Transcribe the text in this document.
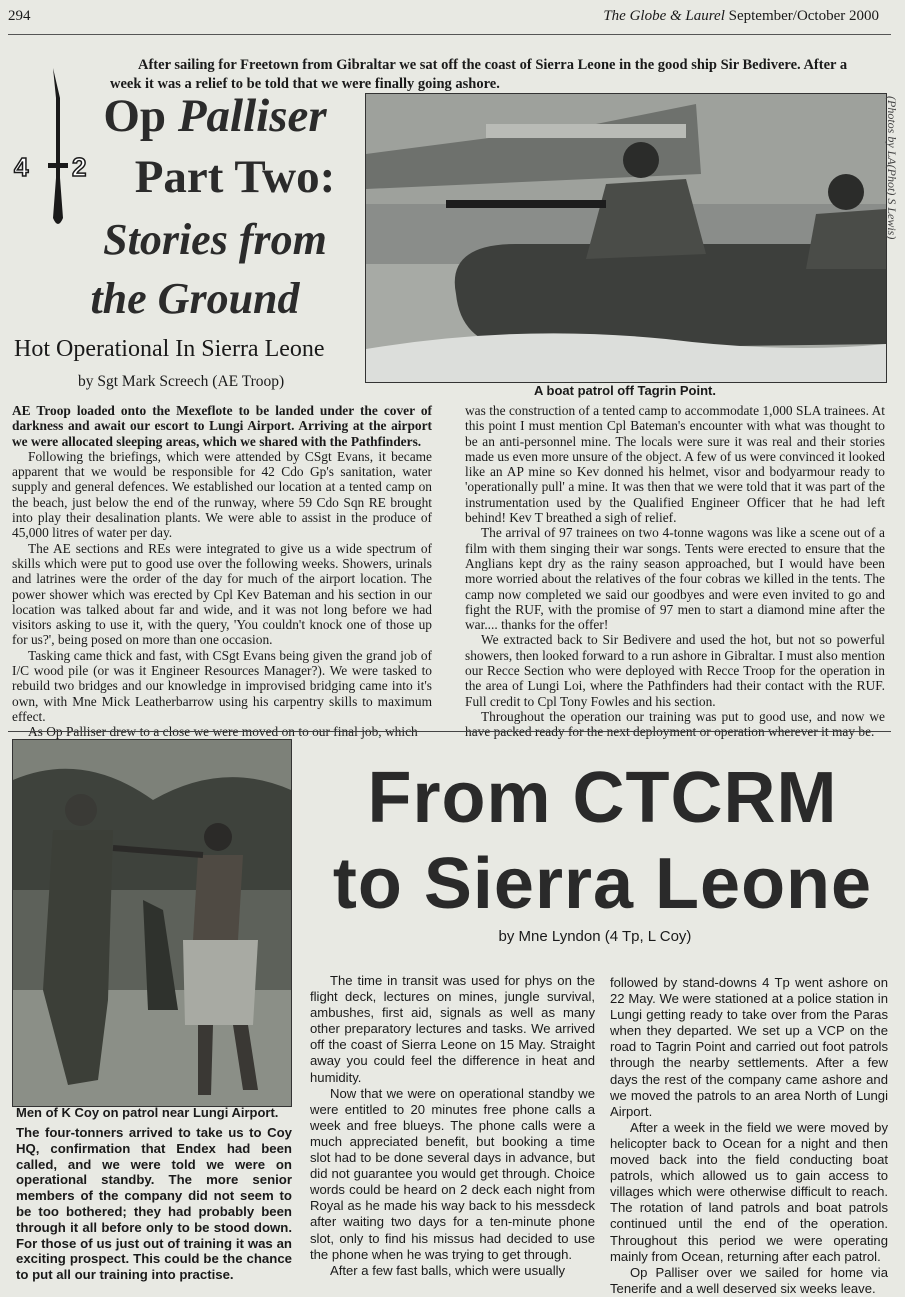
294	The Globe & Laurel September/October 2000
After sailing for Freetown from Gibraltar we sat off the coast of Sierra Leone in the good ship Sir Bedivere. After a week it was a relief to be told that we were finally going ashore.
4 2
Op Palliser
Part Two:
Stories from
the Ground
Hot Operational In Sierra Leone
by Sgt Mark Screech (AE Troop)
(Photos by LA(Phot) S Lewis)
A boat patrol off Tagrin Point.

AE Troop loaded onto the Mexeflote to be landed under the cover of darkness and await our escort to Lungi Airport. Arriving at the airport we were allocated sleeping areas, which we shared with the Pathfinders.

Following the briefings, which were attended by CSgt Evans, it became apparent that we would be responsible for 42 Cdo Gp's sanitation, water supply and general defences. We established our location at a tented camp on the beach, just below the end of the runway, where 59 Cdo Sqn RE brought into play their desalination plants. We were able to assist in the produce of 45,000 litres of water per day.

The AE sections and REs were integrated to give us a wide spectrum of skills which were put to good use over the following weeks. Showers, urinals and latrines were the order of the day for much of the airport location. The power shower which was erected by Cpl Kev Bateman and his section in our location was talked about far and wide, and it was not long before we had visitors asking to use it, with the query, 'You couldn't knock one of those up for us?', being posed on more than one occasion.

Tasking came thick and fast, with CSgt Evans being given the grand job of I/C wood pile (or was it Engineer Resources Manager?). We were tasked to rebuild two bridges and our knowledge in improvised bridging came into it's own, with Mne Mick Leatherbarrow using his carpentry skills to maximum effect.

As Op Palliser drew to a close we were moved on to our final job, which

was the construction of a tented camp to accommodate 1,000 SLA trainees. At this point I must mention Cpl Bateman's encounter with what was thought to be an anti-personnel mine. The locals were sure it was real and their stories made us even more unsure of the object. A few of us were convinced it looked like an AP mine so Kev donned his helmet, visor and bodyarmour ready to 'operationally pull' a mine. It was then that we were told that it was part of the instrumentation used by the Qualified Engineer Officer that he had left behind! Kev T breathed a sigh of relief.

The arrival of 97 trainees on two 4-tonne wagons was like a scene out of a film with them singing their war songs. Tents were erected to ensure that the Anglians kept dry as the rainy season approached, but I would have been more worried about the relatives of the four cobras we killed in the tents. The camp now completed we said our goodbyes and were even invited to go and fight the RUF, with the promise of 97 men to start a diamond mine after the war.... thanks for the offer!

We extracted back to Sir Bedivere and used the hot, but not so powerful showers, then looked forward to a run ashore in Gibraltar. I must also mention our Recce Section who were deployed with Recce Troop for the operation in the area of Lungi Loi, where the Pathfinders had their contact with the RUF. Full credit to Cpl Tony Fowles and his section.

Throughout the operation our training was put to good use, and now we have packed ready for the next deployment or operation wherever it may be.

Men of K Coy on patrol near Lungi Airport.
The four-tonners arrived to take us to Coy HQ, confirmation that Endex had been called, and we were told we were on operational standby. The more senior members of the company did not seem to be too bothered; they had probably been through it all before only to be stood down. For those of us just out of training it was an exciting prospect. This could be the chance to put all our training into practise.
From CTCRM
to Sierra Leone
by Mne Lyndon (4 Tp, L Coy)

The time in transit was used for phys on the flight deck, lectures on mines, jungle survival, ambushes, first aid, signals as well as many other preparatory lectures and tasks. We arrived off the coast of Sierra Leone on 15 May. Straight away you could feel the difference in heat and humidity.

Now that we were on operational standby we were entitled to 20 minutes free phone calls a week and free blueys. The phone calls were a much appreciated benefit, but booking a time slot had to be done several days in advance, but did not guarantee you would get through. Choice words could be heard on 2 deck each night from Royal as he made his way back to his messdeck after waiting two days for a ten-minute phone slot, only to find his missus had decided to use the phone when he was trying to get through.

After a few fast balls, which were usually

followed by stand-downs 4 Tp went ashore on 22 May. We were stationed at a police station in Lungi getting ready to take over from the Paras when they departed. We set up a VCP on the road to Tagrin Point and carried out foot patrols through the nearby settlements. After a few days the rest of the company came ashore and we moved the patrols to an area North of Lungi Airport.

After a week in the field we were moved by helicopter back to Ocean for a night and then moved back into the field conducting boat patrols, which allowed us to gain access to villages which were otherwise difficult to reach. The rotation of land patrols and boat patrols continued until the end of the operation. Throughout this period we were operating mainly from Ocean, returning after each patrol.

Op Palliser over we sailed for home via Tenerife and a well deserved six weeks leave.
